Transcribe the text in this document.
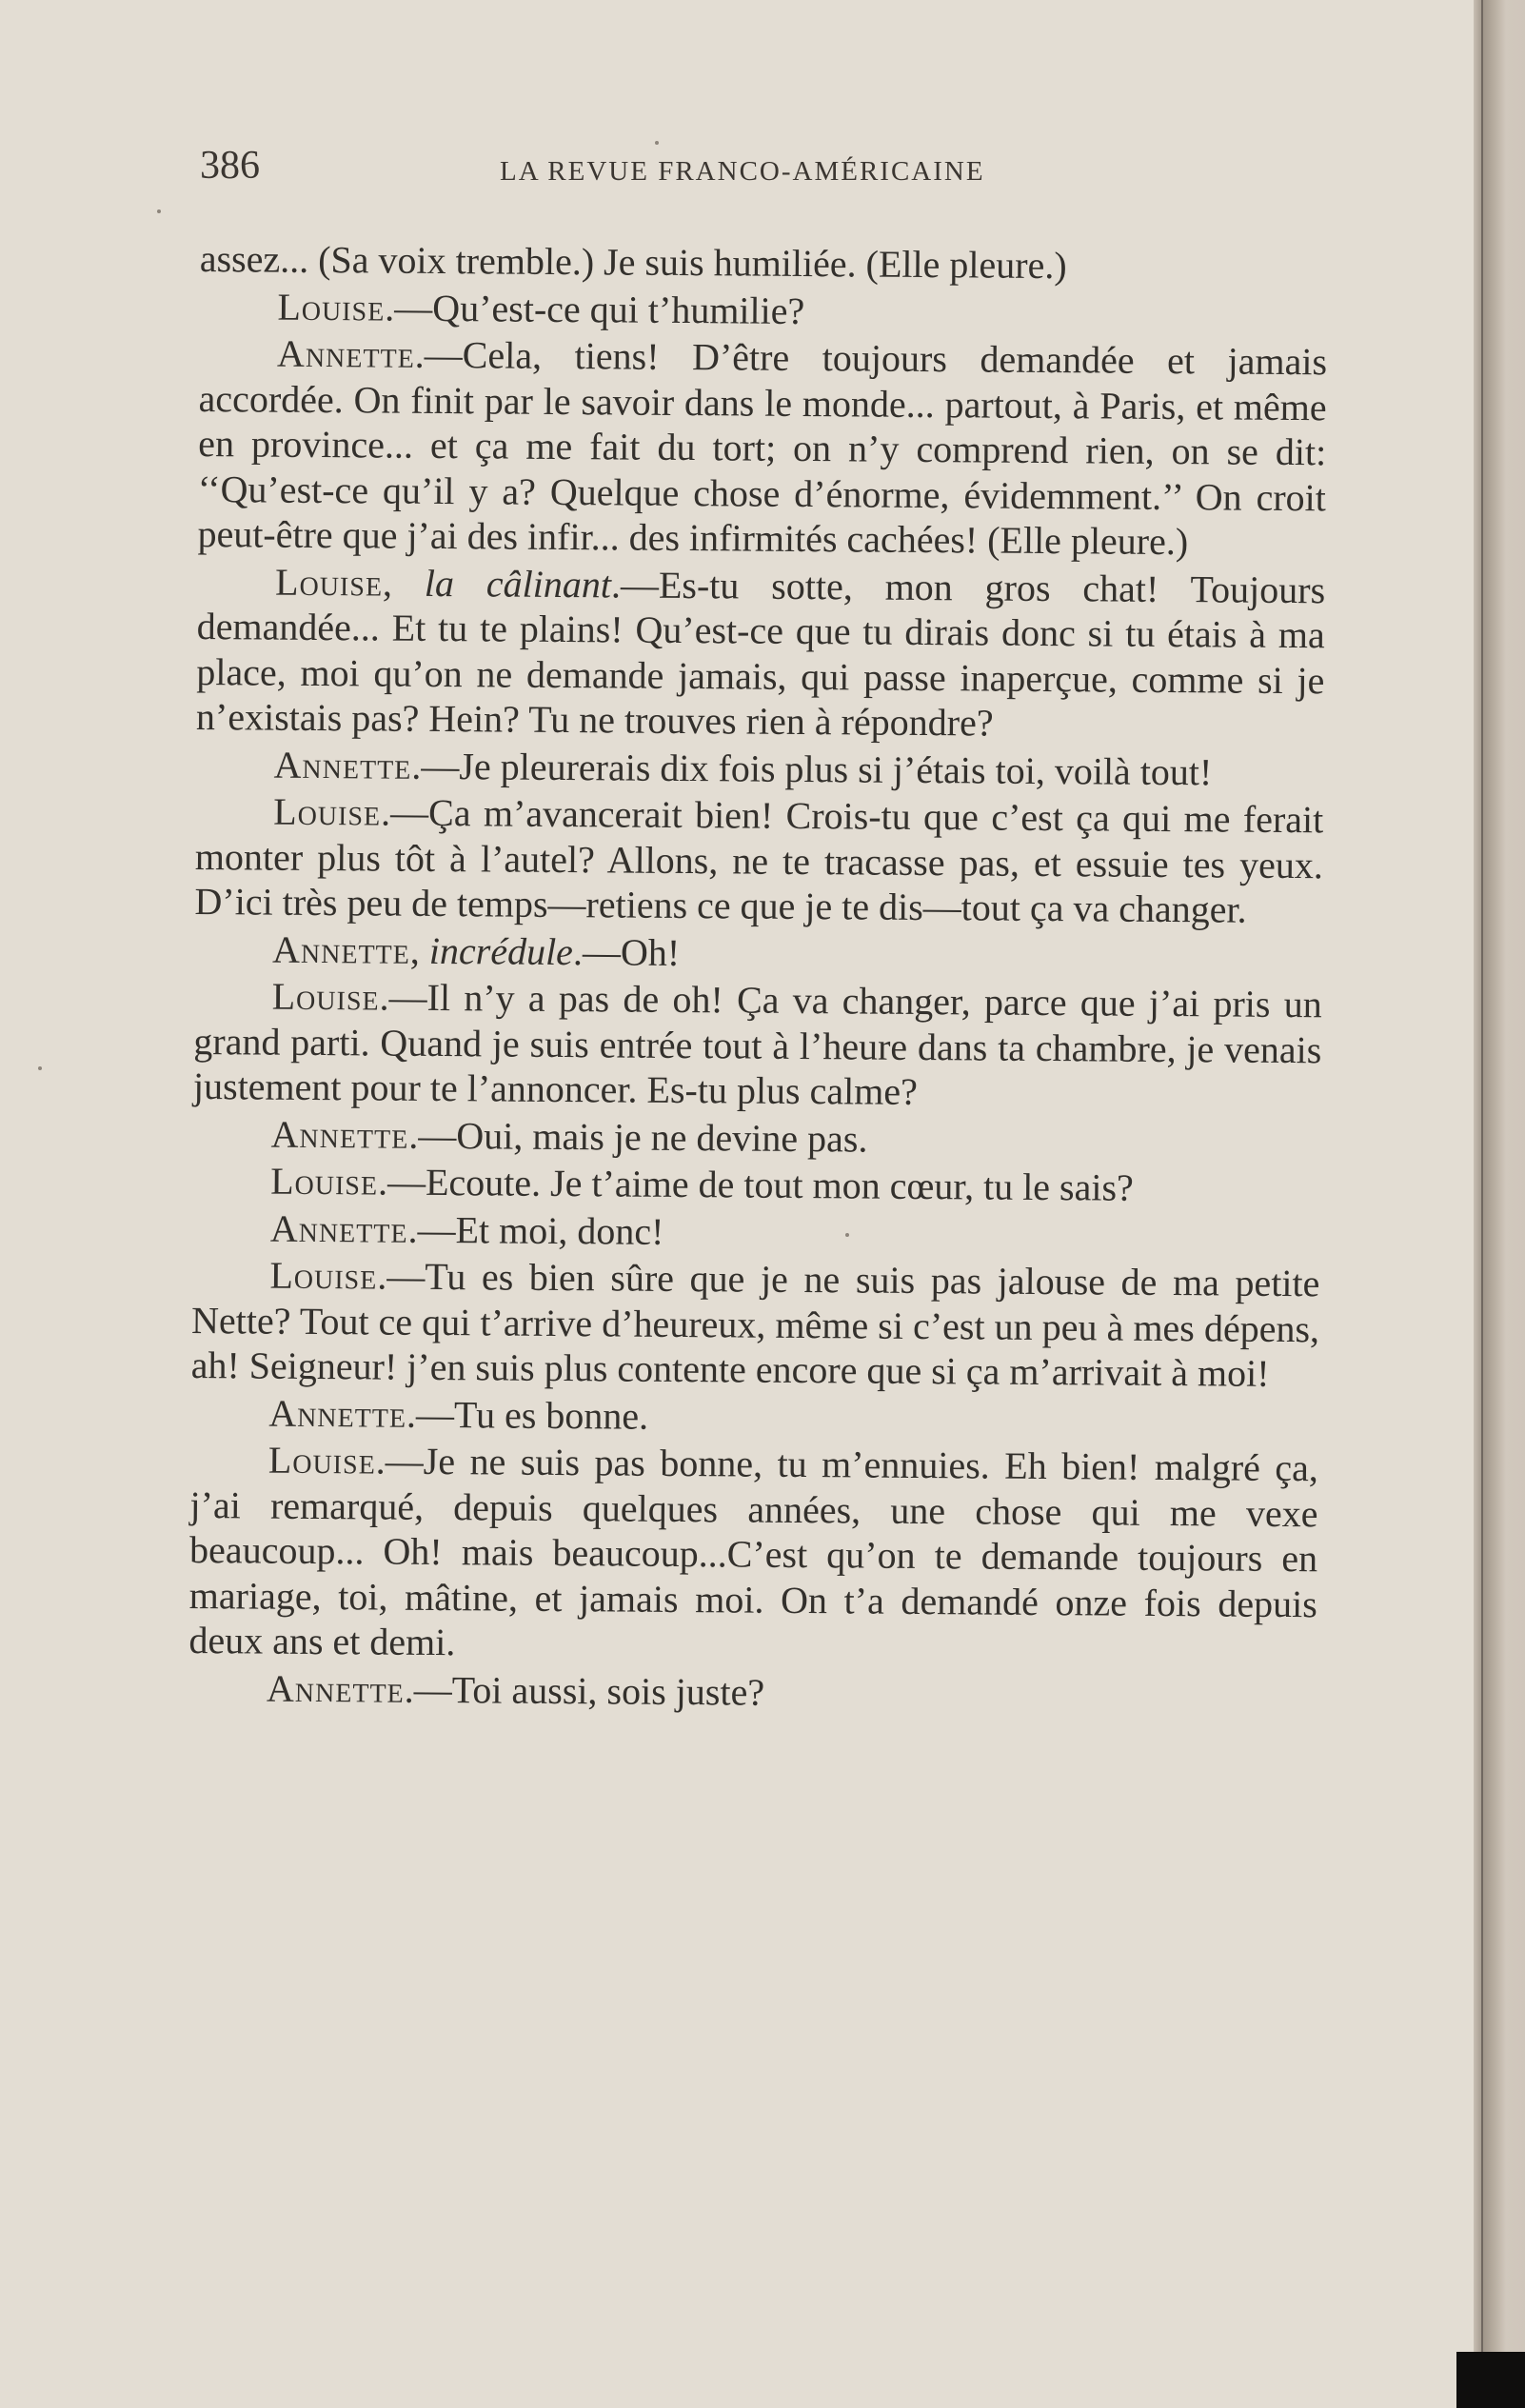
386	LA REVUE FRANCO-AMÉRICAINE

assez... (Sa voix tremble.) Je suis humiliée. (Elle pleure.)

Louise.—Qu’est-ce qui t’humilie?

Annette.—Cela, tiens! D’être toujours demandée et jamais accordée. On finit par le savoir dans le monde... partout, à Paris, et même en province... et ça me fait du tort; on n’y comprend rien, on se dit: ‘‘Qu’est-ce qu’il y a? Quelque chose d’énorme, évidemment.’’ On croit peut-être que j’ai des infir... des infirmités cachées! (Elle pleure.)

Louise, la câlinant.—Es-tu sotte, mon gros chat! Toujours demandée... Et tu te plains! Qu’est-ce que tu dirais donc si tu étais à ma place, moi qu’on ne demande jamais, qui passe inaperçue, comme si je n’existais pas? Hein? Tu ne trouves rien à répondre?

Annette.—Je pleurerais dix fois plus si j’étais toi, voilà tout!

Louise.—Ça m’avancerait bien! Crois-tu que c’est ça qui me ferait monter plus tôt à l’autel? Allons, ne te tracasse pas, et essuie tes yeux. D’ici très peu de temps—retiens ce que je te dis—tout ça va changer.

Annette, incrédule.—Oh!

Louise.—Il n’y a pas de oh! Ça va changer, parce que j’ai pris un grand parti. Quand je suis entrée tout à l’heure dans ta chambre, je venais justement pour te l’annoncer. Es-tu plus calme?

Annette.—Oui, mais je ne devine pas.

Louise.—Ecoute. Je t’aime de tout mon cœur, tu le sais?

Annette.—Et moi, donc!

Louise.—Tu es bien sûre que je ne suis pas jalouse de ma petite Nette? Tout ce qui t’arrive d’heureux, même si c’est un peu à mes dépens, ah! Seigneur! j’en suis plus contente encore que si ça m’arrivait à moi!

Annette.—Tu es bonne.

Louise.—Je ne suis pas bonne, tu m’ennuies. Eh bien! malgré ça, j’ai remarqué, depuis quelques années, une chose qui me vexe beaucoup... Oh! mais beaucoup...C’est qu’on te demande toujours en mariage, toi, mâtine, et jamais moi. On t’a demandé onze fois depuis deux ans et demi.

Annette.—Toi aussi, sois juste?
